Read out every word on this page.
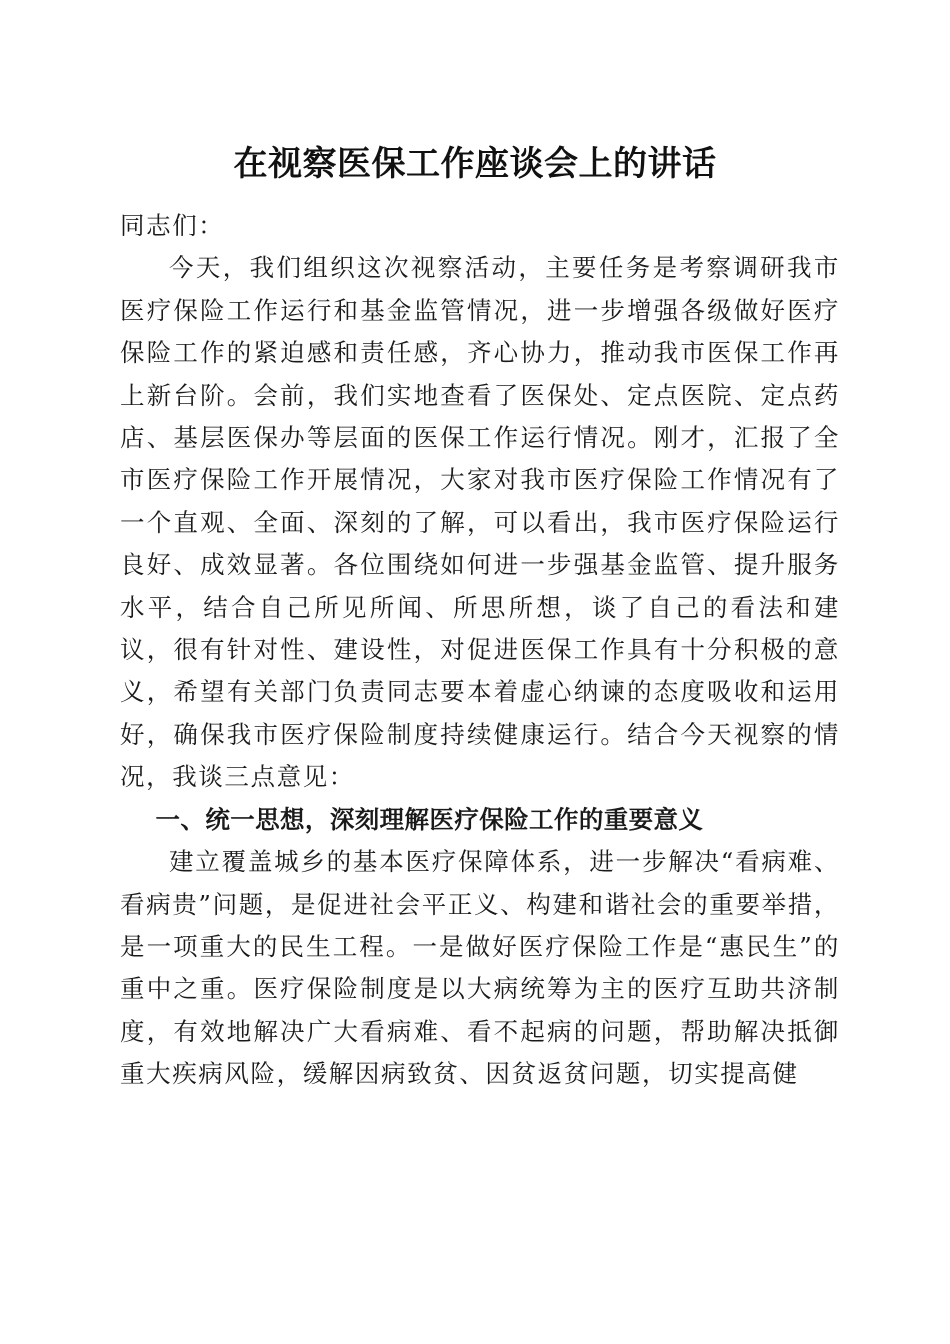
在视察医保工作座谈会上的讲话

同志们：

今天，我们组织这次视察活动，主要任务是考察调研我市医疗保险工作运行和基金监管情况，进一步增强各级做好医疗保险工作的紧迫感和责任感，齐心协力，推动我市医保工作再上新台阶。会前，我们实地查看了医保处、定点医院、定点药店、基层医保办等层面的医保工作运行情况。刚才，汇报了全市医疗保险工作开展情况，大家对我市医疗保险工作情况有了一个直观、全面、深刻的了解，可以看出，我市医疗保险运行良好、成效显著。各位围绕如何进一步强基金监管、提升服务水平，结合自己所见所闻、所思所想，谈了自己的看法和建议，很有针对性、建设性，对促进医保工作具有十分积极的意义，希望有关部门负责同志要本着虚心纳谏的态度吸收和运用好，确保我市医疗保险制度持续健康运行。结合今天视察的情况，我谈三点意见：

一、统一思想，深刻理解医疗保险工作的重要意义

建立覆盖城乡的基本医疗保障体系，进一步解决“看病难、看病贵”问题，是促进社会平正义、构建和谐社会的重要举措，是一项重大的民生工程。一是做好医疗保险工作是“惠民生”的重中之重。医疗保险制度是以大病统筹为主的医疗互助共济制度，有效地解决广大看病难、看不起病的问题，帮助解决抵御重大疾病风险，缓解因病致贫、因贫返贫问题，切实提高健
